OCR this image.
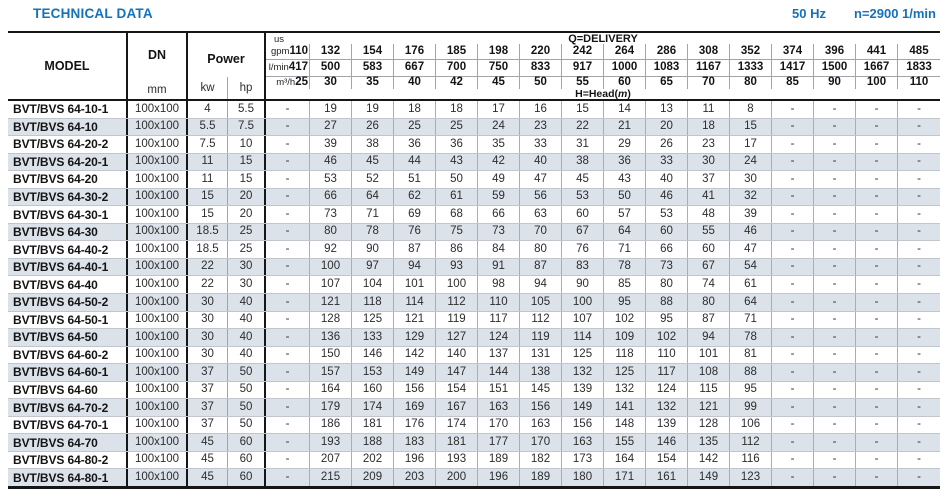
TECHNICAL DATA	50 Hz n=2900 1/min
MODEL
DN
mm
Power
kw	hp
Q=DELIVERY
us
gpm 110	132	154	176	185	198	220	242	264	286	308	352	374	396	441	485
l/min 417	500	583	667	700	750	833	917	1000	1083	1167	1333	1417	1500	1667	1833
m³/h 25	30	35	40	42	45	50	55	60	65	70	80	85	90	100	110
H=Head(m)
BVT/BVS 64-10-1	100x100	4	5.5	-	19	19	18	18	17	16	15	14	13	11	8	-	-	-	-
BVT/BVS 64-10	100x100	5.5	7.5	-	27	26	25	25	24	23	22	21	20	18	15	-	-	-	-
BVT/BVS 64-20-2	100x100	7.5	10	-	39	38	36	36	35	33	31	29	26	23	17	-	-	-	-
BVT/BVS 64-20-1	100x100	11	15	-	46	45	44	43	42	40	38	36	33	30	24	-	-	-	-
BVT/BVS 64-20	100x100	11	15	-	53	52	51	50	49	47	45	43	40	37	30	-	-	-	-
BVT/BVS 64-30-2	100x100	15	20	-	66	64	62	61	59	56	53	50	46	41	32	-	-	-	-
BVT/BVS 64-30-1	100x100	15	20	-	73	71	69	68	66	63	60	57	53	48	39	-	-	-	-
BVT/BVS 64-30	100x100	18.5	25	-	80	78	76	75	73	70	67	64	60	55	46	-	-	-	-
BVT/BVS 64-40-2	100x100	18.5	25	-	92	90	87	86	84	80	76	71	66	60	47	-	-	-	-
BVT/BVS 64-40-1	100x100	22	30	-	100	97	94	93	91	87	83	78	73	67	54	-	-	-	-
BVT/BVS 64-40	100x100	22	30	-	107	104	101	100	98	94	90	85	80	74	61	-	-	-	-
BVT/BVS 64-50-2	100x100	30	40	-	121	118	114	112	110	105	100	95	88	80	64	-	-	-	-
BVT/BVS 64-50-1	100x100	30	40	-	128	125	121	119	117	112	107	102	95	87	71	-	-	-	-
BVT/BVS 64-50	100x100	30	40	-	136	133	129	127	124	119	114	109	102	94	78	-	-	-	-
BVT/BVS 64-60-2	100x100	30	40	-	150	146	142	140	137	131	125	118	110	101	81	-	-	-	-
BVT/BVS 64-60-1	100x100	37	50	-	157	153	149	147	144	138	132	125	117	108	88	-	-	-	-
BVT/BVS 64-60	100x100	37	50	-	164	160	156	154	151	145	139	132	124	115	95	-	-	-	-
BVT/BVS 64-70-2	100x100	37	50	-	179	174	169	167	163	156	149	141	132	121	99	-	-	-	-
BVT/BVS 64-70-1	100x100	37	50	-	186	181	176	174	170	163	156	148	139	128	106	-	-	-	-
BVT/BVS 64-70	100x100	45	60	-	193	188	183	181	177	170	163	155	146	135	112	-	-	-	-
BVT/BVS 64-80-2	100x100	45	60	-	207	202	196	193	189	182	173	164	154	142	116	-	-	-	-
BVT/BVS 64-80-1	100x100	45	60	-	215	209	203	200	196	189	180	171	161	149	123	-	-	-	-
